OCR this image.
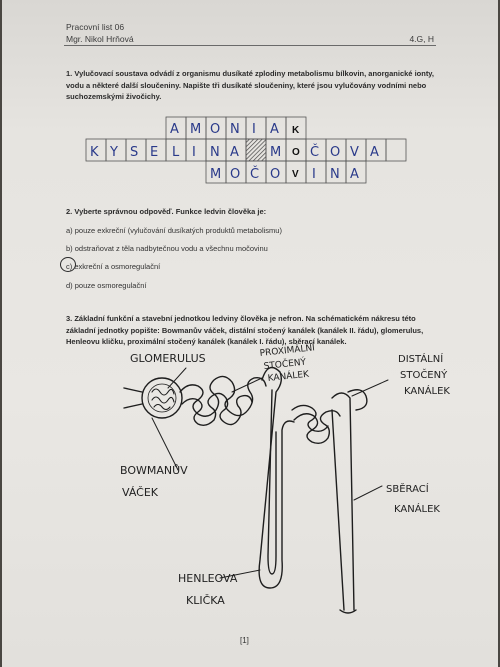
Pracovní list 06
Mgr. Nikol Hrňová	4.G, H
1. Vylučovací soustava odvádí z organismu dusíkaté zplodiny metabolismu bílkovin, anorganické ionty, vodu a některé další sloučeniny. Napište tři dusíkaté sloučeniny, které jsou vylučovány vodními nebo suchozemskými živočichy.
A M O N I A K
K Y S E L I N A M O Č O V A
M O Č O V I N A
2. Vyberte správnou odpověď. Funkce ledvin člověka je:
a) pouze exkreční (vylučování dusíkatých produktů metabolismu)
b) odstraňovat z těla nadbytečnou vodu a všechnu močovinu
c) exkreční a osmoregulační
d) pouze osmoregulační
3. Základní funkční a stavební jednotkou ledviny člověka je nefron. Na schématickém nákresu této základní jednotky popište: Bowmanův váček, distální stočený kanálek (kanálek II. řádu), glomerulus, Henleovu kličku, proximální stočený kanálek (kanálek I. řádu), sběrací kanálek.
GLOMERULUS	PROXIMÁLNÍ
STOČENÝ
KANÁLEK
DISTÁLNÍ
STOČENÝ
KANÁLEK
BOWMANŮV
VÁČEK	SBĚRACÍ
KANÁLEK
HENLEOVA
KLIČKA
[1]
